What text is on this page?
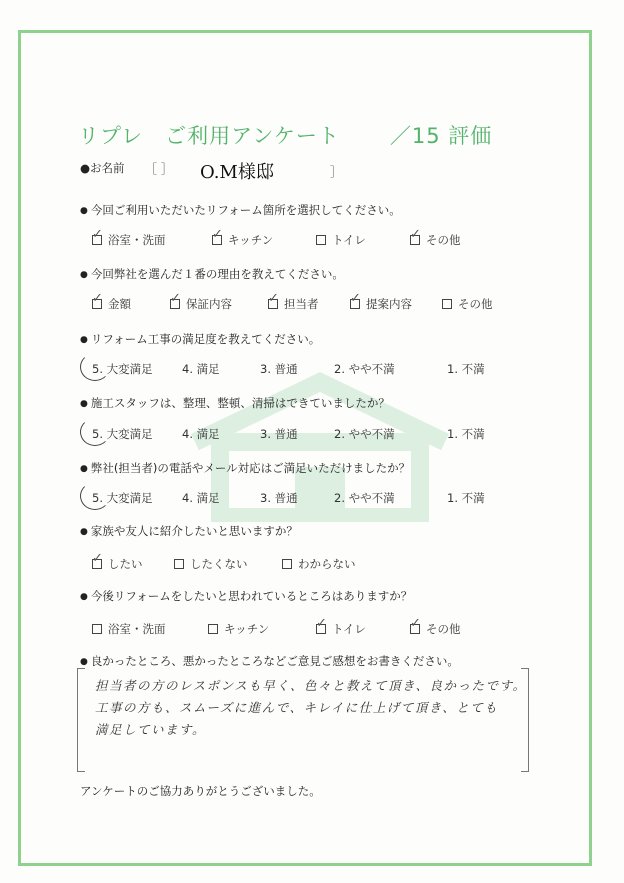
リプレ　ご利用アンケート ／15 評価
●お名前 ［ ］	］
O.M様邸
● 今回ご利用いただいたリフォーム箇所を選択してください。
✓ 浴室・洗面	✓ キッチン	トイレ	✓ その他
● 今回弊社を選んだ１番の理由を教えてください。
✓ 金額	✓ 保証内容	✓ 担当者 ✓ 提案内容	その他
● リフォーム工事の満足度を教えてください。
5. 大変満足	4. 満足	3. 普通	2. やや不満	1. 不満
● 施工スタッフは、整理、整頓、清掃はできていましたか？
5. 大変満足	4. 満足	3. 普通	2. やや不満	1. 不満
● 弊社(担当者)の電話やメール対応はご満足いただけましたか？
5. 大変満足	4. 満足	3. 普通	2. やや不満	1. 不満
● 家族や友人に紹介したいと思いますか？
✓ したい	したくない	わからない
● 今後リフォームをしたいと思われているところはありますか？
浴室・洗面	キッチン	✓ トイレ	✓ その他
● 良かったところ、悪かったところなどご意見ご感想をお書きください。
担当者の方のレスポンスも早く、色々と教えて頂き、良かったです。
工事の方も、スムーズに進んで、キレイに仕上げて頂き、とても
満足しています。
アンケートのご協力ありがとうございました。
